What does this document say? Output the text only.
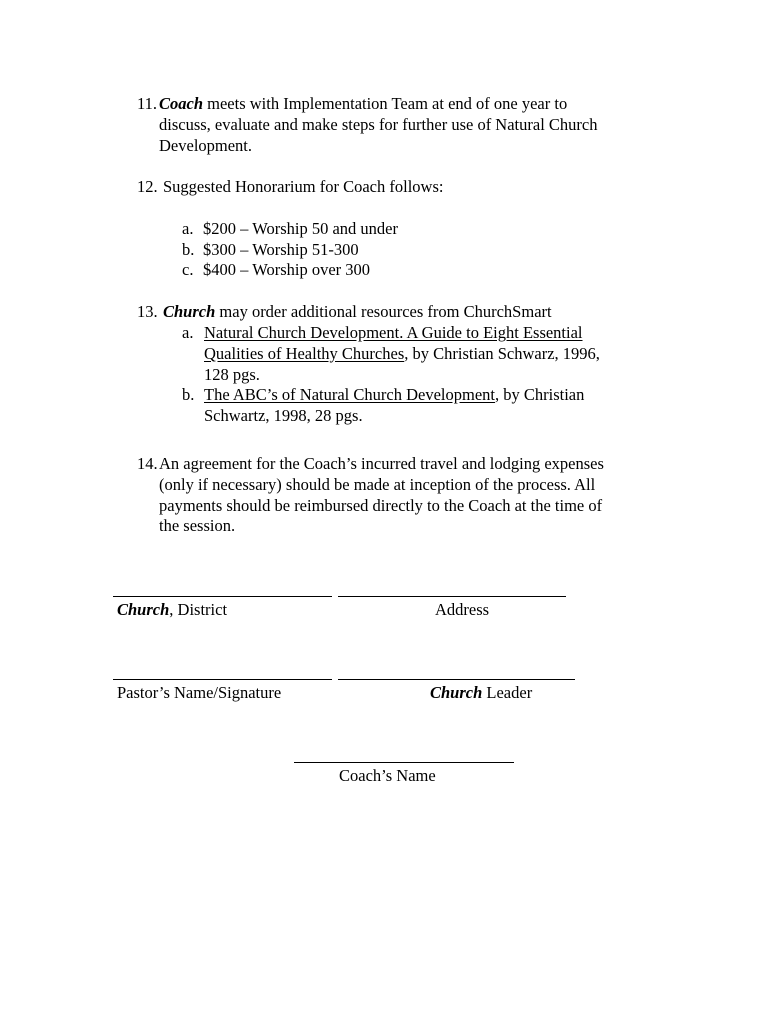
11. Coach meets with Implementation Team at end of one year to
discuss, evaluate and make steps for further use of Natural Church
Development.
12. Suggested Honorarium for Coach follows:
a. $200 – Worship 50 and under
b. $300 – Worship 51-300
c. $400 – Worship over 300
13. Church may order additional resources from ChurchSmart
a. Natural Church Development. A Guide to Eight Essential
Qualities of Healthy Churches, by Christian Schwarz, 1996,
128 pgs.
b. The ABC’s of Natural Church Development, by Christian
Schwartz, 1998, 28 pgs.
14. An agreement for the Coach’s incurred travel and lodging expenses
(only if necessary) should be made at inception of the process. All
payments should be reimbursed directly to the Coach at the time of
the session.
Church, District	Address
Pastor’s Name/Signature	Church Leader
Coach’s Name
